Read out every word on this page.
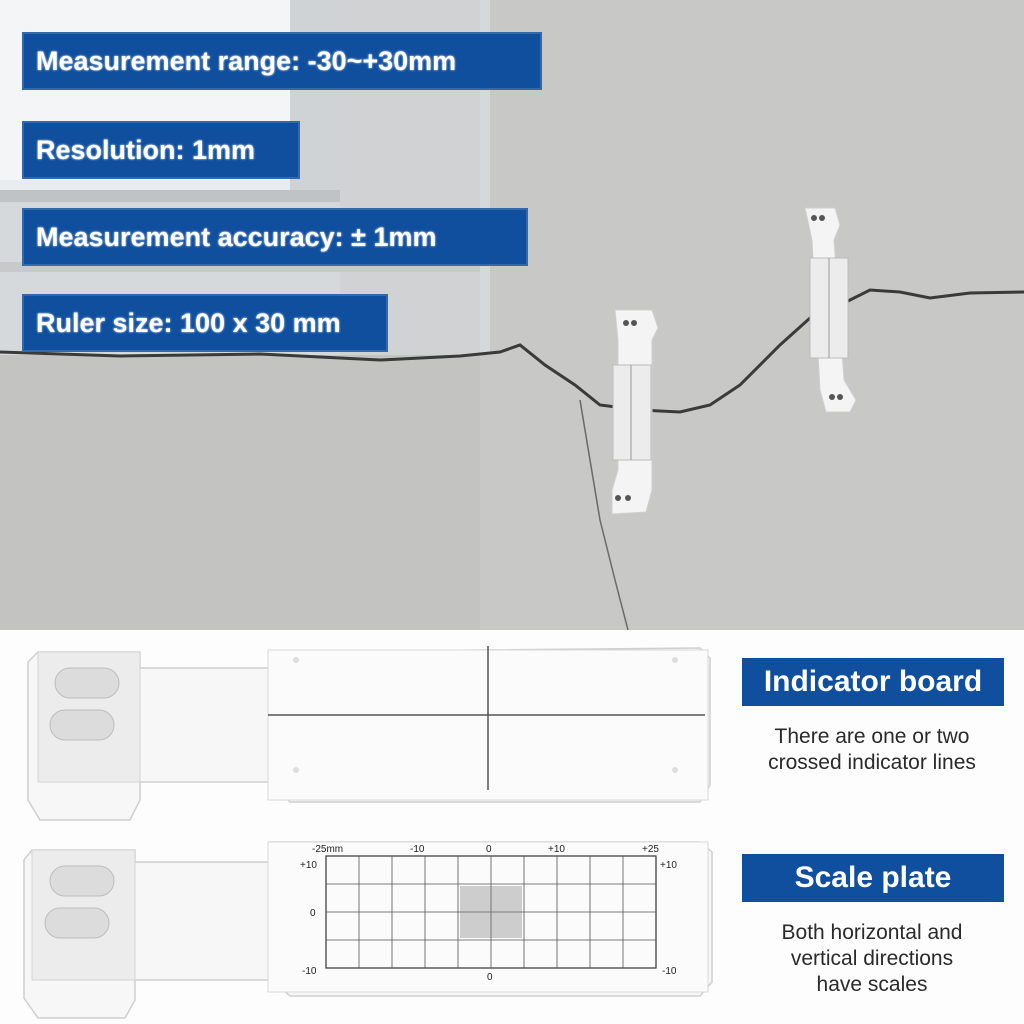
Measurement range: -30~+30mm
Resolution: 1mm
Measurement accuracy: ± 1mm
Ruler size: 100 x 30 mm
-25mm	-10	0	+10	+25
+10
0
-10
+10
-10
0
Indicator board
There are one or two
crossed indicator lines
Scale plate
Both horizontal and
vertical directions
have scales
